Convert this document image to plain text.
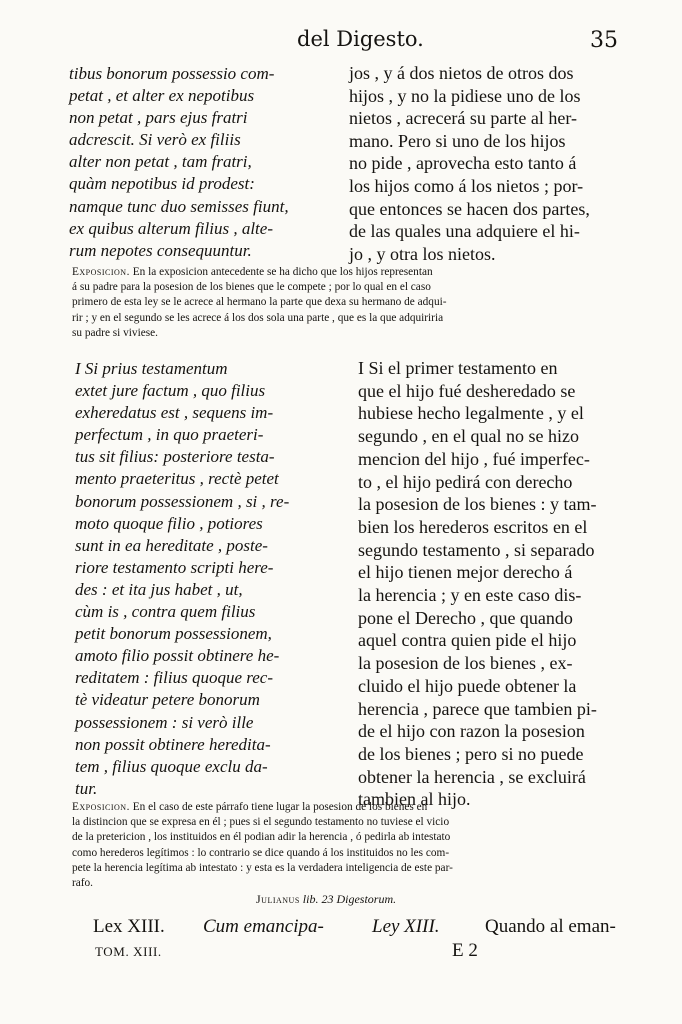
del Digesto.	35
tibus bonorum possessio com-
petat , et alter ex nepotibus
non petat , pars ejus fratri
adcrescit. Si verò ex filiis
alter non petat , tam fratri,
quàm nepotibus id prodest:
namque tunc duo semisses fiunt,
ex quibus alterum filius , alte-
rum nepotes consequuntur.
jos , y á dos nietos de otros dos
hijos , y no la pidiese uno de los
nietos , acrecerá su parte al her-
mano. Pero si uno de los hijos
no pide , aprovecha esto tanto á
los hijos como á los nietos ; por-
que entonces se hacen dos partes,
de las quales una adquiere el hi-
jo , y otra los nietos.
Exposicion. En la exposicion antecedente se ha dicho que los hijos representan
á su padre para la posesion de los bienes que le compete ; por lo qual en el caso
primero de esta ley se le acrece al hermano la parte que dexa su hermano de adqui-
rir ; y en el segundo se les acrece á los dos sola una parte , que es la que adquiriria
su padre si viviese.
I Si prius testamentum
extet jure factum , quo filius
exheredatus est , sequens im-
perfectum , in quo praeteri-
tus sit filius: posteriore testa-
mento praeteritus , rectè petet
bonorum possessionem , si , re-
moto quoque filio , potiores
sunt in ea hereditate , poste-
riore testamento scripti here-
des : et ita jus habet , ut,
cùm is , contra quem filius
petit bonorum possessionem,
amoto filio possit obtinere he-
reditatem : filius quoque rec-
tè videatur petere bonorum
possessionem : si verò ille
non possit obtinere heredita-
tem , filius quoque exclu da-
tur.
I Si el primer testamento en
que el hijo fué desheredado se
hubiese hecho legalmente , y el
segundo , en el qual no se hizo
mencion del hijo , fué imperfec-
to , el hijo pedirá con derecho
la posesion de los bienes : y tam-
bien los herederos escritos en el
segundo testamento , si separado
el hijo tienen mejor derecho á
la herencia ; y en este caso dis-
pone el Derecho , que quando
aquel contra quien pide el hijo
la posesion de los bienes , ex-
cluido el hijo puede obtener la
herencia , parece que tambien pi-
de el hijo con razon la posesion
de los bienes ; pero si no puede
obtener la herencia , se excluirá
tambien al hijo.
Exposicion. En el caso de este párrafo tiene lugar la posesion de los bienes en
la distincion que se expresa en él ; pues si el segundo testamento no tuviese el vicio
de la pretericion , los instituidos en él podian adir la herencia , ó pedirla ab intestato
como herederos legítimos : lo contrario se dice quando á los instituidos no les com-
pete la herencia legítima ab intestato : y esta es la verdadera inteligencia de este par-
rafo.
Julianus lib. 23 Digestorum.
Lex XIII. Cum emancipa-	Ley XIII. Quando al eman-
TOM. XIII.	E 2
